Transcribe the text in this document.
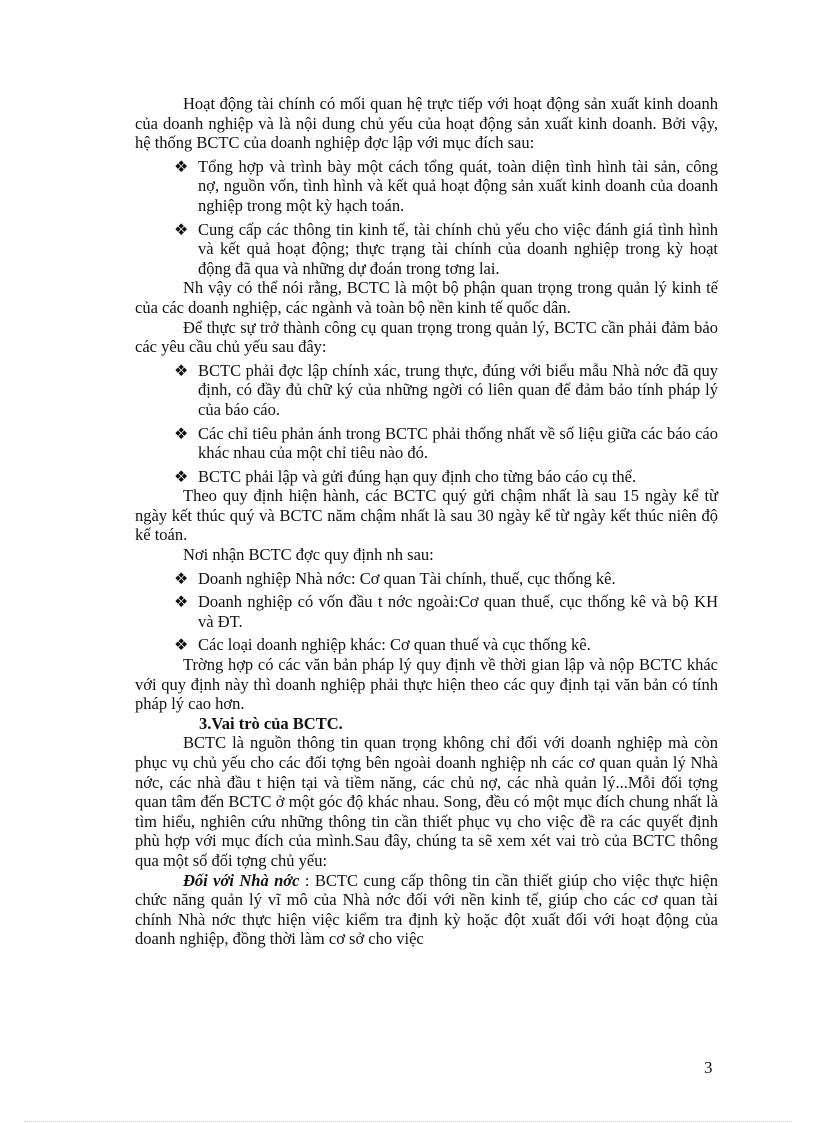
Hoạt động tài chính có mối quan hệ trực tiếp với hoạt động sản xuất kinh doanh của doanh nghiệp và là nội dung chủ yếu của hoạt động sản xuất kinh doanh. Bởi vậy, hệ thống BCTC của doanh nghiệp đợc lập với mục đích sau:

❖ Tổng hợp và trình bày một cách tổng quát, toàn diện tình hình tài sản, công nợ, nguồn vốn, tình hình và kết quả hoạt động sản xuất kinh doanh của doanh nghiệp trong một kỳ hạch toán.
❖ Cung cấp các thông tin kinh tế, tài chính chủ yếu cho việc đánh giá tình hình và kết quả hoạt động; thực trạng tài chính của doanh nghiệp trong kỳ hoạt động đã qua và những dự đoán trong tơng lai.

Nh vậy có thể nói rằng, BCTC là một bộ phận quan trọng trong quản lý kinh tế của các doanh nghiệp, các ngành và toàn bộ nền kinh tế quốc dân.

Để thực sự trở thành công cụ quan trọng trong quản lý, BCTC cần phải đảm bảo các yêu cầu chủ yếu sau đây:

❖ BCTC phải đợc lập chính xác, trung thực, đúng với biểu mẫu Nhà nớc đã quy định, có đầy đủ chữ ký của những ngời có liên quan để đảm bảo tính pháp lý của báo cáo.
❖ Các chỉ tiêu phản ánh trong BCTC phải thống nhất về số liệu giữa các báo cáo khác nhau của một chỉ tiêu nào đó.
❖ BCTC phải lập và gửi đúng hạn quy định cho từng báo cáo cụ thể.

Theo quy định hiện hành, các BCTC quý gửi chậm nhất là sau 15 ngày kể từ ngày kết thúc quý và BCTC năm chậm nhất là sau 30 ngày kể từ ngày kết thúc niên độ kế toán.

Nơi nhận BCTC đợc quy định nh sau:

❖ Doanh nghiệp Nhà nớc: Cơ quan Tài chính, thuế, cục thống kê.
❖ Doanh nghiệp có vốn đầu t nớc ngoài:Cơ quan thuế, cục thống kê và bộ KH và ĐT.
❖ Các loại doanh nghiệp khác: Cơ quan thuế và cục thống kê.

Trờng hợp có các văn bản pháp lý quy định về thời gian lập và nộp BCTC khác với quy định này thì doanh nghiệp phải thực hiện theo các quy định tại văn bản có tính pháp lý cao hơn.

3.Vai trò của BCTC.

BCTC là nguồn thông tin quan trọng không chỉ đối với doanh nghiệp mà còn phục vụ chủ yếu cho các đối tợng bên ngoài doanh nghiệp nh các cơ quan quản lý Nhà nớc, các nhà đầu t hiện tại và tiềm năng, các chủ nợ, các nhà quản lý...Mỗi đối tợng quan tâm đến BCTC ở một góc độ khác nhau. Song, đều có một mục đích chung nhất là tìm hiểu, nghiên cứu những thông tin cần thiết phục vụ cho việc đề ra các quyết định phù hợp với mục đích của mình.Sau đây, chúng ta sẽ xem xét vai trò của BCTC thông qua một số đối tợng chủ yếu:

Đối với Nhà nớc : BCTC cung cấp thông tin cần thiết giúp cho việc thực hiện chức năng quản lý vĩ mô của Nhà nớc đối với nền kinh tế, giúp cho các cơ quan tài chính Nhà nớc thực hiện việc kiểm tra định kỳ hoặc đột xuất đối với hoạt động của doanh nghiệp, đồng thời làm cơ sở cho việc

3
